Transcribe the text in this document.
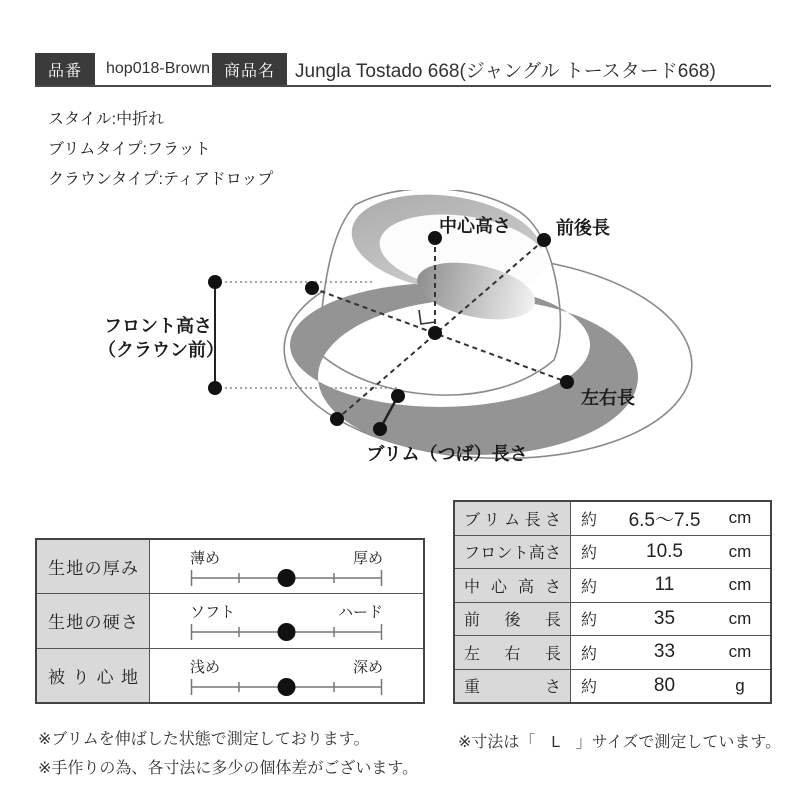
品番 hop018-Brown 商品名 Jungla Tostado 668(ジャングル トースタード668)
スタイル:中折れ
ブリムタイプ:フラット
クラウンタイプ:ティアドロップ
中心高さ	前後長
フロント高さ
（クラウン前）
左右長
ブリム（つば）長さ
生地の厚み
薄め	厚め
生地の硬さ
ソフト	ハード
被り心地
浅め	深め
ブリム長さ	約	6.5～7.5	cm
フロント高さ	約	10.5	cm
中心高さ	約	11	cm
前後長	約	35	cm
左右長	約	33	cm
重さ	約	80	g
※ブリムを伸ばした状態で測定しております。
※手作りの為、各寸法に多少の個体差がございます。
※寸法は「　L　」サイズで測定しています。
